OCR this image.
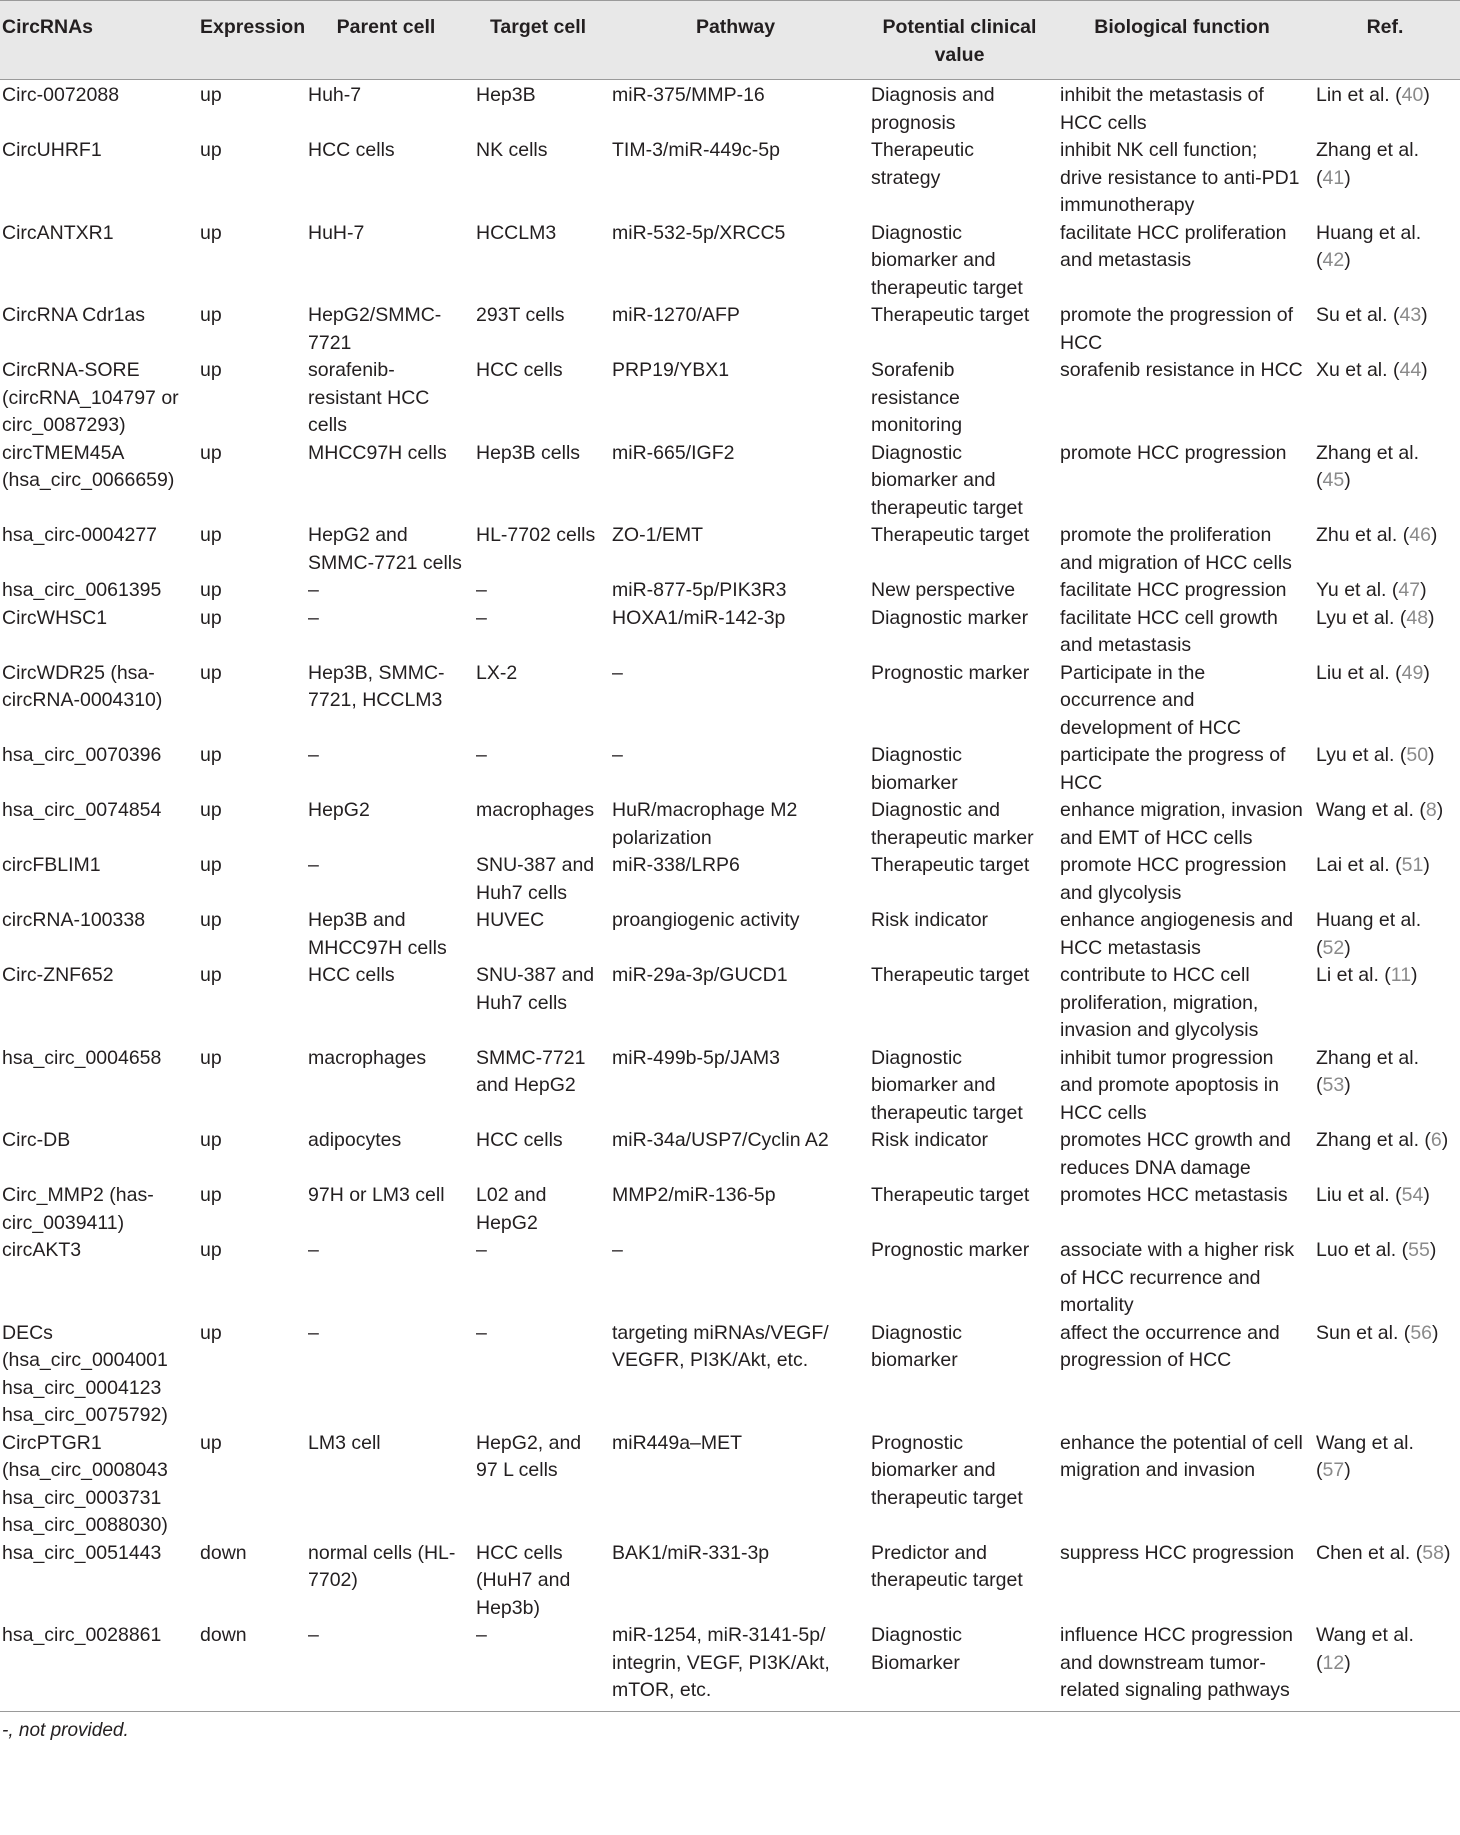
CircRNAs	Expression	Parent cell	Target cell	Pathway	Potential clinical value	Biological function	Ref.
Circ-0072088	up	Huh-7	Hep3B	miR-375/MMP-16	Diagnosis and prognosis	inhibit the metastasis of HCC cells	Lin et al. (40)
CircUHRF1	up	HCC cells	NK cells	TIM-3/miR-449c-5p	Therapeutic strategy	inhibit NK cell function; drive resistance to anti-PD1 immunotherapy	Zhang et al. (41)
CircANTXR1	up	HuH-7	HCCLM3	miR-532-5p/XRCC5	Diagnostic biomarker and therapeutic target	facilitate HCC proliferation and metastasis	Huang et al. (42)
CircRNA Cdr1as	up	HepG2/SMMC-7721	293T cells	miR-1270/AFP	Therapeutic target	promote the progression of HCC	Su et al. (43)
CircRNA-SORE (circRNA_104797 or circ_0087293)	up	sorafenib-resistant HCC cells	HCC cells	PRP19/YBX1	Sorafenib resistance monitoring	sorafenib resistance in HCC	Xu et al. (44)
circTMEM45A (hsa_circ_0066659)	up	MHCC97H cells	Hep3B cells	miR-665/IGF2	Diagnostic biomarker and therapeutic target	promote HCC progression	Zhang et al. (45)
hsa_circ-0004277	up	HepG2 and SMMC-7721 cells	HL-7702 cells	ZO-1/EMT	Therapeutic target	promote the proliferation and migration of HCC cells	Zhu et al. (46)
hsa_circ_0061395	up	–	–	miR-877-5p/PIK3R3	New perspective	facilitate HCC progression	Yu et al. (47)
CircWHSC1	up	–	–	HOXA1/miR-142-3p	Diagnostic marker	facilitate HCC cell growth and metastasis	Lyu et al. (48)
CircWDR25 (hsa-circRNA-0004310)	up	Hep3B, SMMC-7721, HCCLM3	LX-2	–	Prognostic marker	Participate in the occurrence and development of HCC	Liu et al. (49)
hsa_circ_0070396	up	–	–	–	Diagnostic biomarker	participate the progress of HCC	Lyu et al. (50)
hsa_circ_0074854	up	HepG2	macrophages	HuR/macrophage M2 polarization	Diagnostic and therapeutic marker	enhance migration, invasion and EMT of HCC cells	Wang et al. (8)
circFBLIM1	up	–	SNU-387 and Huh7 cells	miR-338/LRP6	Therapeutic target	promote HCC progression and glycolysis	Lai et al. (51)
circRNA-100338	up	Hep3B and MHCC97H cells	HUVEC	proangiogenic activity	Risk indicator	enhance angiogenesis and HCC metastasis	Huang et al. (52)
Circ-ZNF652	up	HCC cells	SNU-387 and Huh7 cells	miR-29a-3p/GUCD1	Therapeutic target	contribute to HCC cell proliferation, migration, invasion and glycolysis	Li et al. (11)
hsa_circ_0004658	up	macrophages	SMMC-7721 and HepG2	miR-499b-5p/JAM3	Diagnostic biomarker and therapeutic target	inhibit tumor progression and promote apoptosis in HCC cells	Zhang et al. (53)
Circ-DB	up	adipocytes	HCC cells	miR-34a/USP7/Cyclin A2	Risk indicator	promotes HCC growth and reduces DNA damage	Zhang et al. (6)
Circ_MMP2 (has-circ_0039411)	up	97H or LM3 cell	L02 and HepG2	MMP2/miR-136-5p	Therapeutic target	promotes HCC metastasis	Liu et al. (54)
circAKT3	up	–	–	–	Prognostic marker	associate with a higher risk of HCC recurrence and mortality	Luo et al. (55)
DECs (hsa_circ_0004001 hsa_circ_0004123 hsa_circ_0075792)	up	–	–	targeting miRNAs/VEGF/ VEGFR, PI3K/Akt, etc.	Diagnostic biomarker	affect the occurrence and progression of HCC	Sun et al. (56)
CircPTGR1 (hsa_circ_0008043 hsa_circ_0003731 hsa_circ_0088030)	up	LM3 cell	HepG2, and 97 L cells	miR449a–MET	Prognostic biomarker and therapeutic target	enhance the potential of cell migration and invasion	Wang et al. (57)
hsa_circ_0051443	down	normal cells (HL-7702)	HCC cells (HuH7 and Hep3b)	BAK1/miR-331-3p	Predictor and therapeutic target	suppress HCC progression	Chen et al. (58)
hsa_circ_0028861	down	–	–	miR-1254, miR-3141-5p/ integrin, VEGF, PI3K/Akt, mTOR, etc.	Diagnostic Biomarker	influence HCC progression and downstream tumor-related signaling pathways	Wang et al. (12)
-, not provided.
